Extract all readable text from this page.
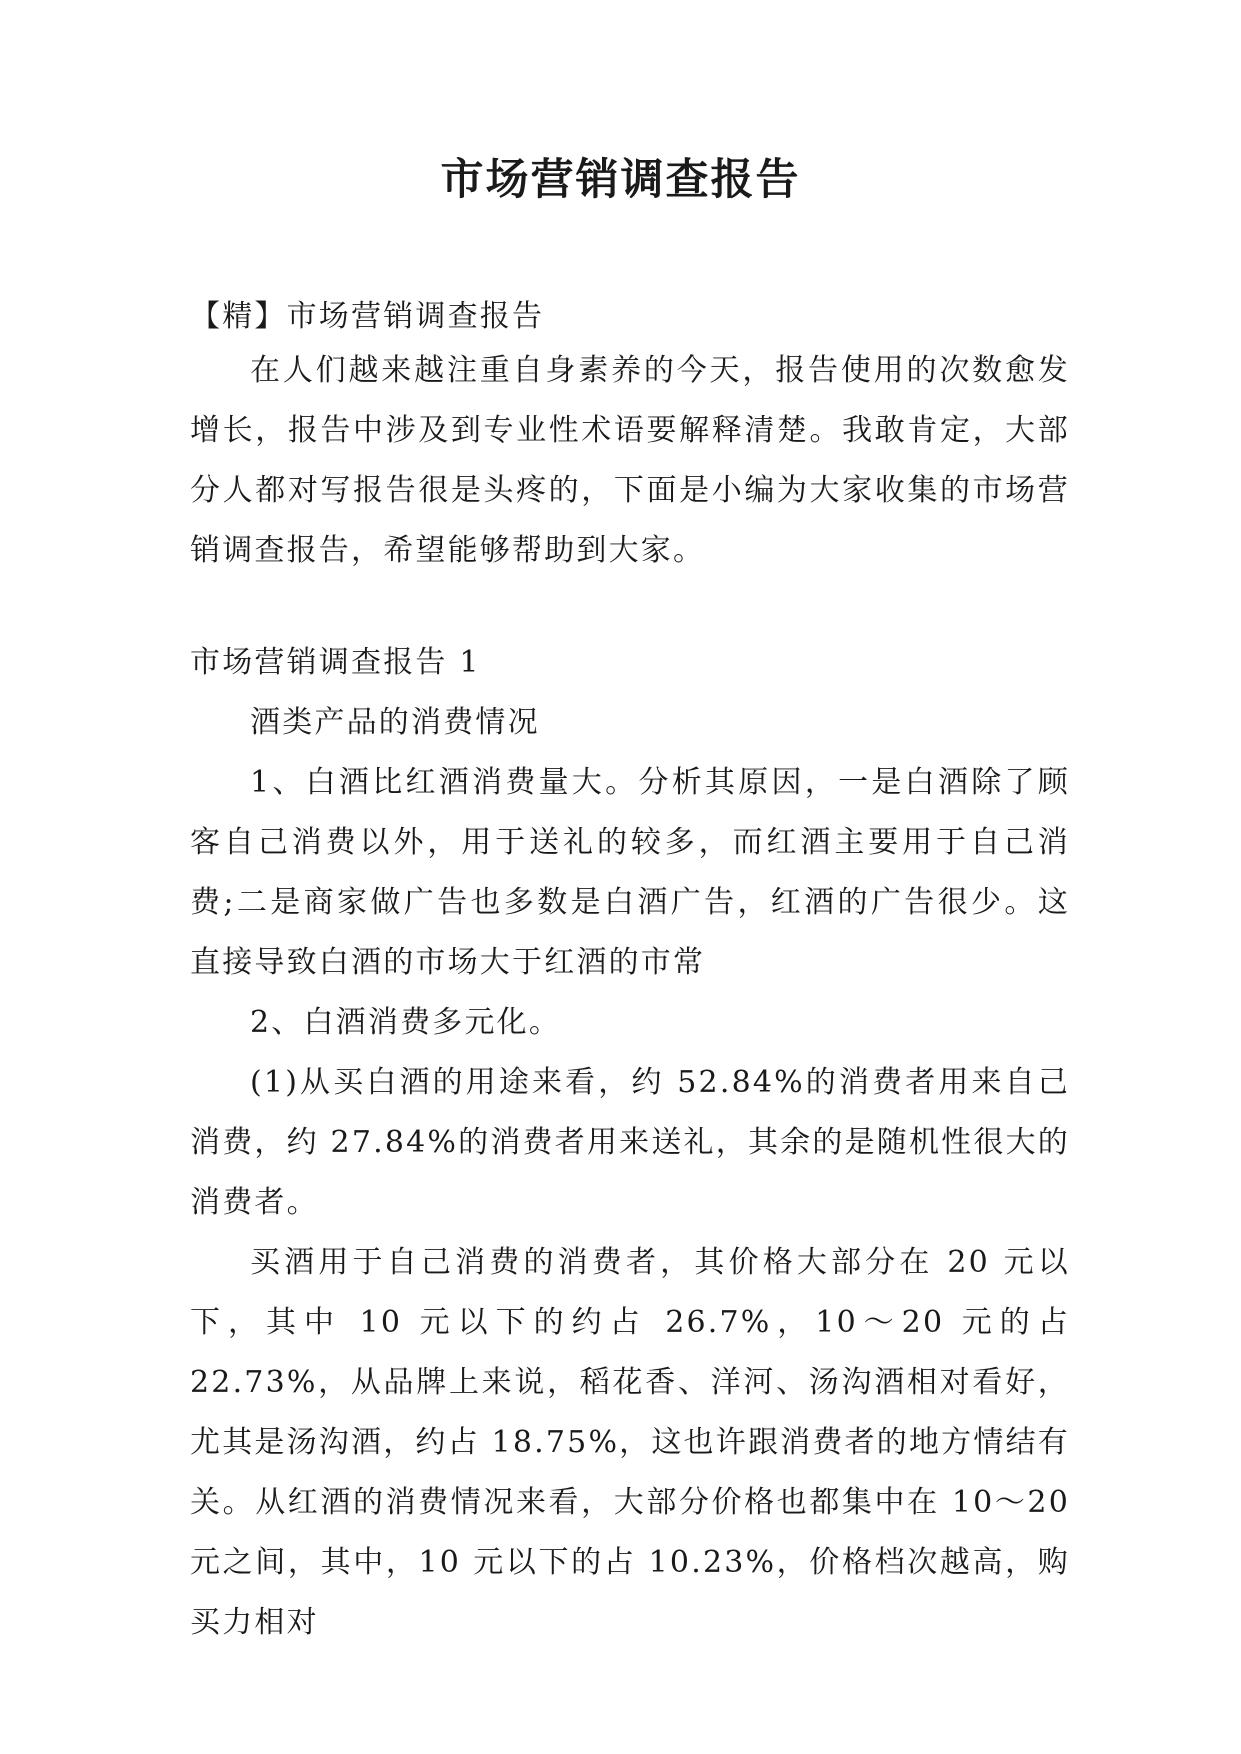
市场营销调查报告

【精】市场营销调查报告

在人们越来越注重自身素养的今天，报告使用的次数愈发增长，报告中涉及到专业性术语要解释清楚。我敢肯定，大部分人都对写报告很是头疼的，下面是小编为大家收集的市场营销调查报告，希望能够帮助到大家。

市场营销调查报告 1

酒类产品的消费情况

1、白酒比红酒消费量大。分析其原因，一是白酒除了顾客自己消费以外，用于送礼的较多，而红酒主要用于自己消费;二是商家做广告也多数是白酒广告，红酒的广告很少。这直接导致白酒的市场大于红酒的市常

2、白酒消费多元化。

(1)从买白酒的用途来看，约 52.84%的消费者用来自己消费，约 27.84%的消费者用来送礼，其余的是随机性很大的消费者。

买酒用于自己消费的消费者，其价格大部分在 20 元以下，其中 10 元以下的约占 26.7%，10～20 元的占 22.73%，从品牌上来说，稻花香、洋河、汤沟酒相对看好，尤其是汤沟酒，约占 18.75%，这也许跟消费者的地方情结有关。从红酒的消费情况来看，大部分价格也都集中在 10～20 元之间，其中，10 元以下的占 10.23%，价格档次越高，购买力相对
